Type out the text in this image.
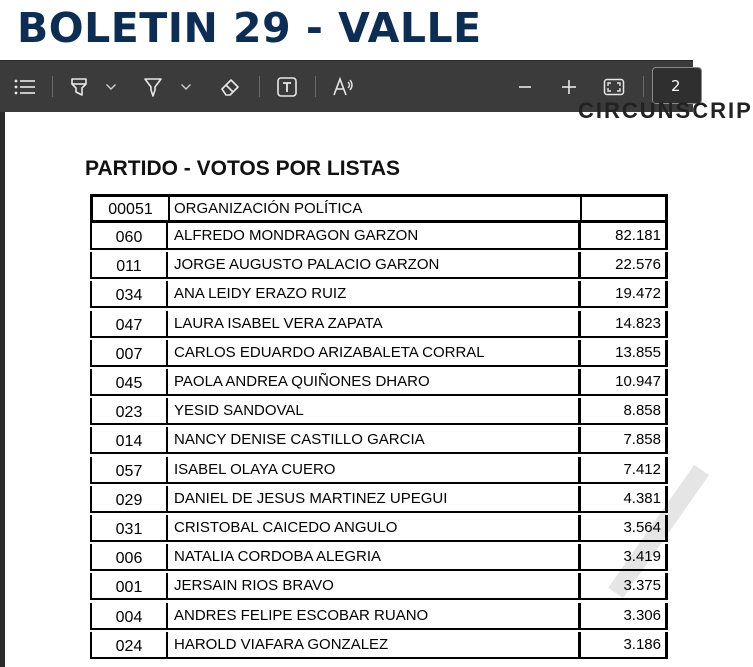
BOLETIN 29 - VALLE
2
CIRCUNSCRIP
PARTIDO - VOTOS POR LISTAS
00051	ORGANIZACIÓN POLÍTICA
060	ALFREDO MONDRAGON GARZON	82.181
011	JORGE AUGUSTO PALACIO GARZON	22.576
034	ANA LEIDY ERAZO RUIZ	19.472
047	LAURA ISABEL VERA ZAPATA	14.823
007	CARLOS EDUARDO ARIZABALETA CORRAL	13.855
045	PAOLA ANDREA QUIÑONES DHARO	10.947
023	YESID SANDOVAL	8.858
014	NANCY DENISE CASTILLO GARCIA	7.858
057	ISABEL OLAYA CUERO	7.412
029	DANIEL DE JESUS MARTINEZ UPEGUI	4.381
031	CRISTOBAL CAICEDO ANGULO	3.564
006	NATALIA CORDOBA ALEGRIA	3.419
001	JERSAIN RIOS BRAVO	3.375
004	ANDRES FELIPE ESCOBAR RUANO	3.306
024	HAROLD VIAFARA GONZALEZ	3.186
